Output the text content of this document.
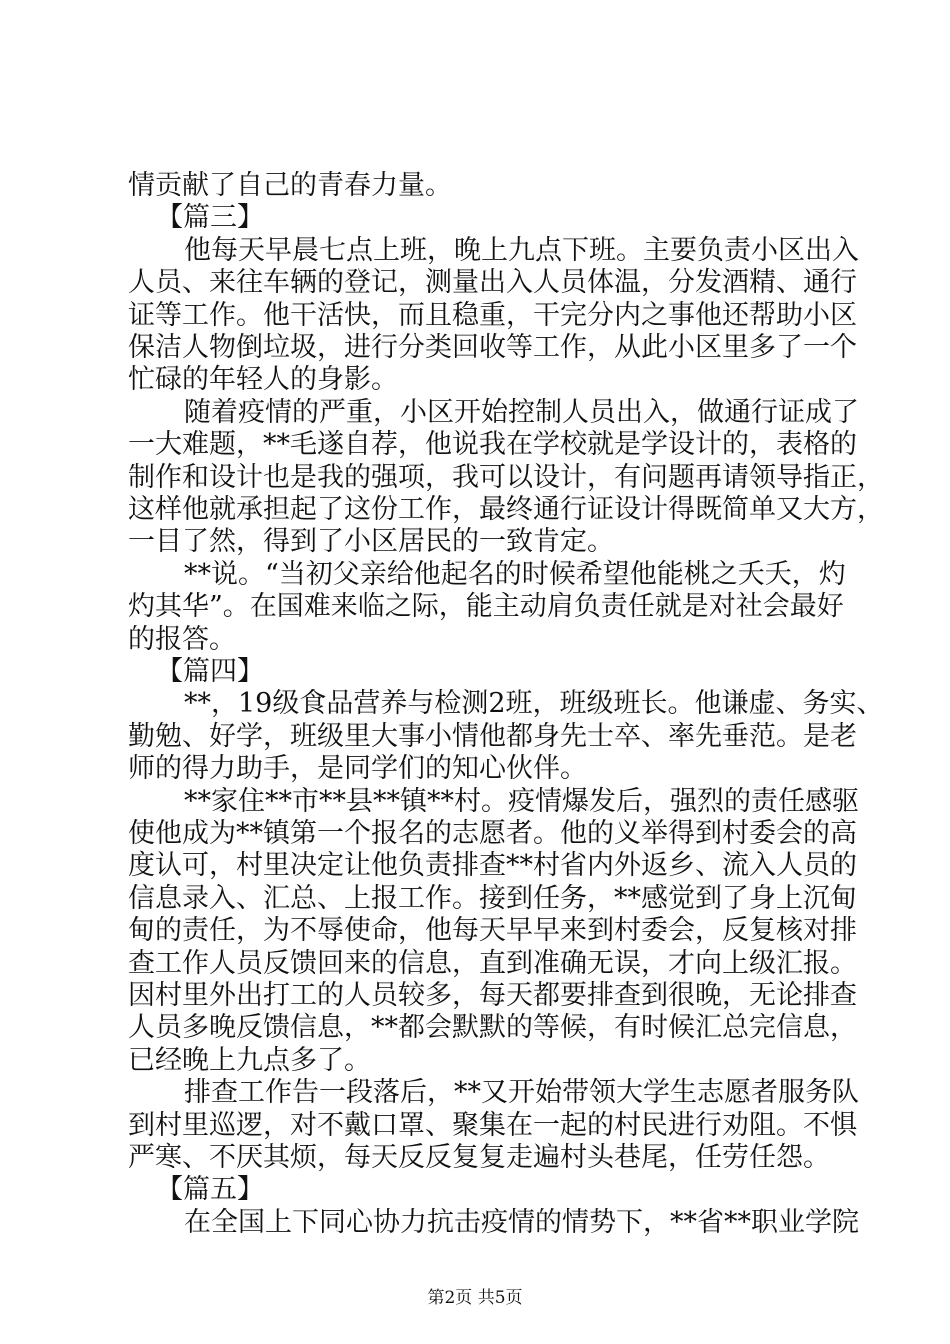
情贡献了自己的青春力量。
【篇三】
他每天早晨七点上班，晚上九点下班。主要负责小区出入
人员、来往车辆的登记，测量出入人员体温，分发酒精、通行
证等工作。他干活快，而且稳重，干完分内之事他还帮助小区
保洁人物倒垃圾，进行分类回收等工作，从此小区里多了一个
忙碌的年轻人的身影。
随着疫情的严重，小区开始控制人员出入，做通行证成了
一大难题，**毛遂自荐，他说我在学校就是学设计的，表格的
制作和设计也是我的强项，我可以设计，有问题再请领导指正，
这样他就承担起了这份工作，最终通行证设计得既简单又大方，
一目了然，得到了小区居民的一致肯定。
**说。“当初父亲给他起名的时候希望他能桃之夭夭，灼
灼其华”。在国难来临之际，能主动肩负责任就是对社会最好
的报答。
【篇四】
**，19级食品营养与检测2班，班级班长。他谦虚、务实、
勤勉、好学，班级里大事小情他都身先士卒、率先垂范。是老
师的得力助手，是同学们的知心伙伴。
**家住**市**县**镇**村。疫情爆发后，强烈的责任感驱
使他成为**镇第一个报名的志愿者。他的义举得到村委会的高
度认可，村里决定让他负责排查**村省内外返乡、流入人员的
信息录入、汇总、上报工作。接到任务，**感觉到了身上沉甸
甸的责任，为不辱使命，他每天早早来到村委会，反复核对排
查工作人员反馈回来的信息，直到准确无误，才向上级汇报。
因村里外出打工的人员较多，每天都要排查到很晚，无论排查
人员多晚反馈信息，**都会默默的等候，有时候汇总完信息，
已经晚上九点多了。
排查工作告一段落后，**又开始带领大学生志愿者服务队
到村里巡逻，对不戴口罩、聚集在一起的村民进行劝阻。不惧
严寒、不厌其烦，每天反反复复走遍村头巷尾，任劳任怨。
【篇五】
在全国上下同心协力抗击疫情的情势下，**省**职业学院
第2页 共5页
